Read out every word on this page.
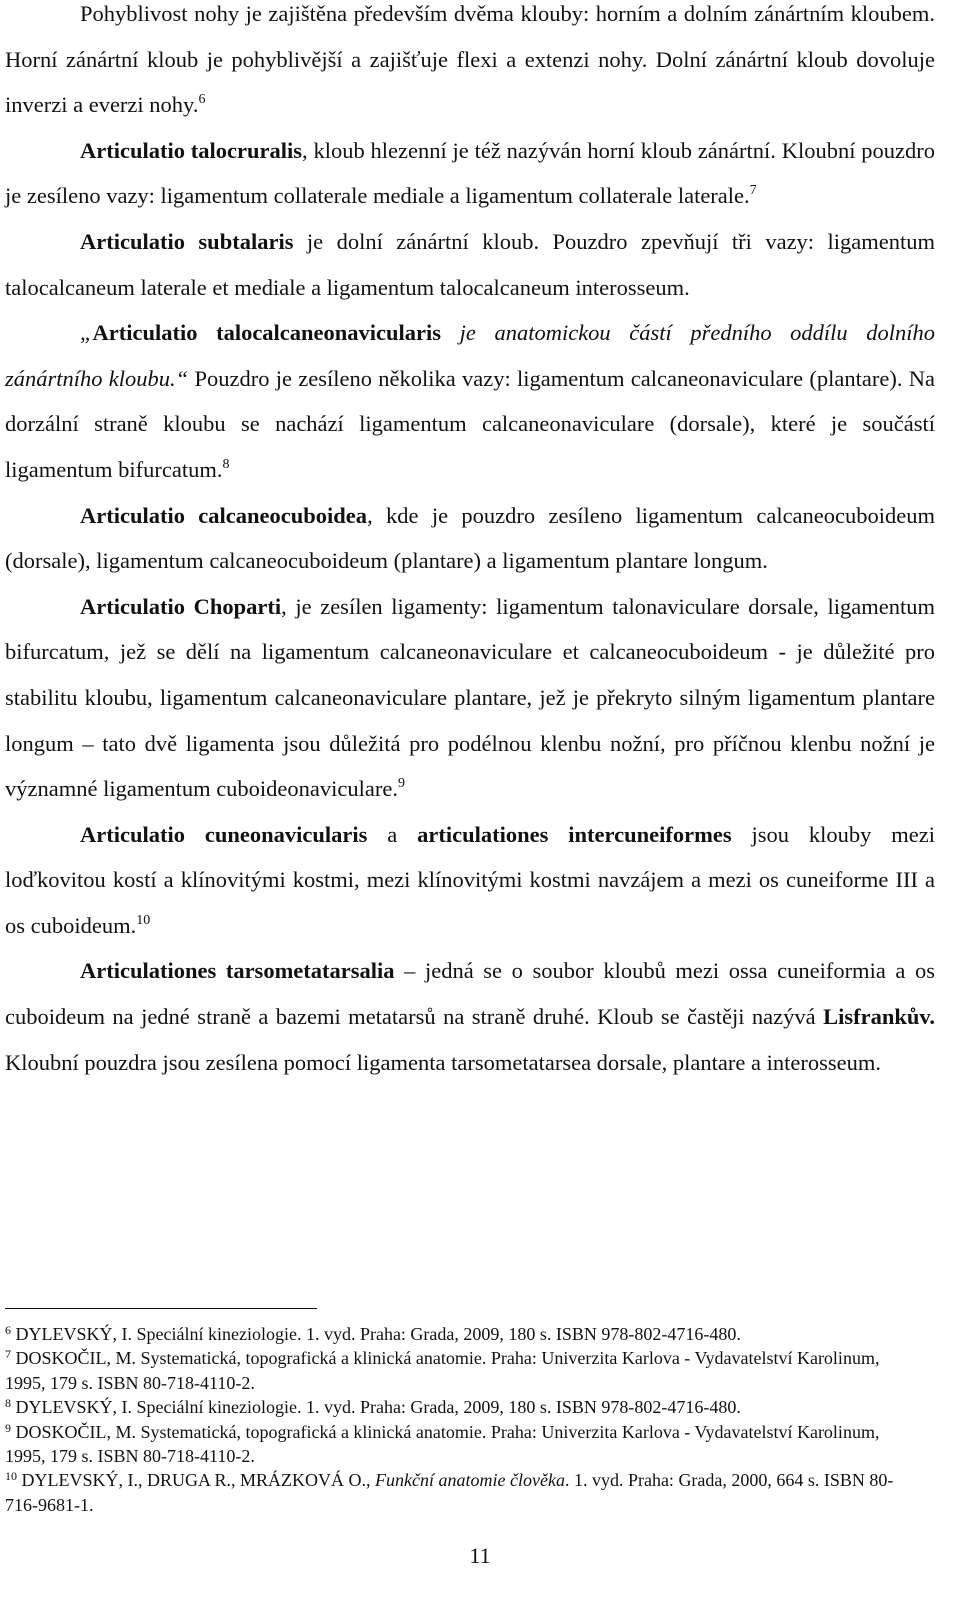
Pohyblivost nohy je zajištěna především dvěma klouby: horním a dolním zánártním kloubem. Horní zánártní kloub je pohyblivější a zajišťuje flexi a extenzi nohy. Dolní zánártní kloub dovoluje inverzi a everzi nohy.$^6$

Articulatio talocruralis, kloub hlezenní je též nazýván horní kloub zánártní. Kloubní pouzdro je zesíleno vazy: ligamentum collaterale mediale a ligamentum collaterale laterale.$^7$

Articulatio subtalaris je dolní zánártní kloub. Pouzdro zpevňují tři vazy: ligamentum talocalcaneum laterale et mediale a ligamentum talocalcaneum interosseum.

„Articulatio talocalcaneonavicularis je anatomickou částí předního oddílu dolního zánártního kloubu.“ Pouzdro je zesíleno několika vazy: ligamentum calcaneonaviculare (plantare). Na dorzální straně kloubu se nachází ligamentum calcaneonaviculare (dorsale), které je součástí ligamentum bifurcatum.$^8$

Articulatio calcaneocuboidea, kde je pouzdro zesíleno ligamentum calcaneocuboideum (dorsale), ligamentum calcaneocuboideum (plantare) a ligamentum plantare longum.

Articulatio Choparti, je zesílen ligamenty: ligamentum talonaviculare dorsale, ligamentum bifurcatum, jež se dělí na ligamentum calcaneonaviculare et calcaneocuboideum - je důležité pro stabilitu kloubu, ligamentum calcaneonaviculare plantare, jež je překryto silným ligamentum plantare longum – tato dvě ligamenta jsou důležitá pro podélnou klenbu nožní, pro příčnou klenbu nožní je významné ligamentum cuboideonaviculare.$^9$

Articulatio cuneonavicularis a articulationes intercuneiformes jsou klouby mezi loďkovitou kostí a klínovitými kostmi, mezi klínovitými kostmi navzájem a mezi os cuneiforme III a os cuboideum.$^{10}$

Articulationes tarsometatarsalia – jedná se o soubor kloubů mezi ossa cuneiformia a os cuboideum na jedné straně a bazemi metatarsů na straně druhé. Kloub se častěji nazývá Lisfrankův. Kloubní pouzdra jsou zesílena pomocí ligamenta tarsometatarsea dorsale, plantare a interosseum.

$^6$ DYLEVSKÝ, I. Speciální kineziologie. 1. vyd. Praha: Grada, 2009, 180 s. ISBN 978-802-4716-480.

$^7$ DOSKOČIL, M. Systematická, topografická a klinická anatomie. Praha: Univerzita Karlova - Vydavatelství Karolinum, 1995, 179 s. ISBN 80-718-4110-2.

$^8$ DYLEVSKÝ, I. Speciální kineziologie. 1. vyd. Praha: Grada, 2009, 180 s. ISBN 978-802-4716-480.

$^9$ DOSKOČIL, M. Systematická, topografická a klinická anatomie. Praha: Univerzita Karlova - Vydavatelství Karolinum, 1995, 179 s. ISBN 80-718-4110-2.

$^{10}$ DYLEVSKÝ, I., DRUGA R., MRÁZKOVÁ O., Funkční anatomie člověka. 1. vyd. Praha: Grada, 2000, 664 s. ISBN 80-716-9681-1.

11
